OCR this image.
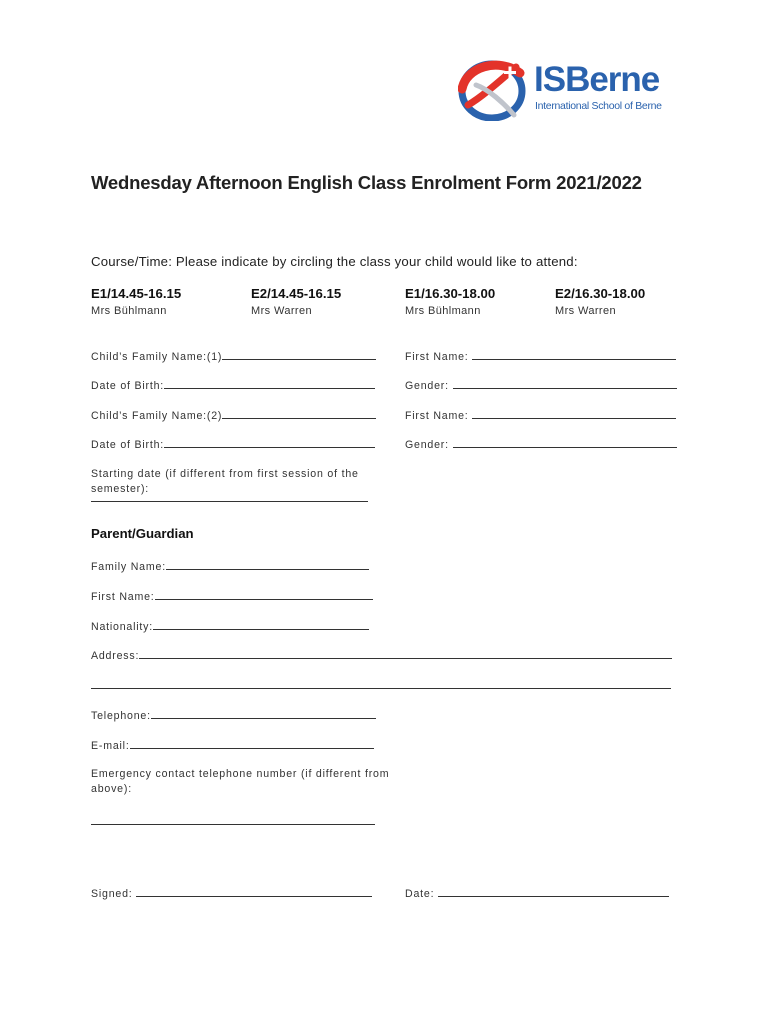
ISBerne
International School of Berne
Wednesday Afternoon English Class Enrolment Form 2021/2022
Course/Time: Please indicate by circling the class your child would like to attend:
E1/14.45-16.15
Mrs Bühlmann
E2/14.45-16.15
Mrs Warren
E1/16.30-18.00
Mrs Bühlmann
E2/16.30-18.00
Mrs Warren
Child’s Family Name:(1)	First Name:
Date of Birth:	Gender:
Child’s Family Name:(2)	First Name:
Date of Birth:	Gender:
Starting date (if different from first session of the semester):
Parent/Guardian
Family Name:
First Name:
Nationality:
Address:
Telephone:
E-mail:
Emergency contact telephone number (if different from above):
Signed:	Date:
